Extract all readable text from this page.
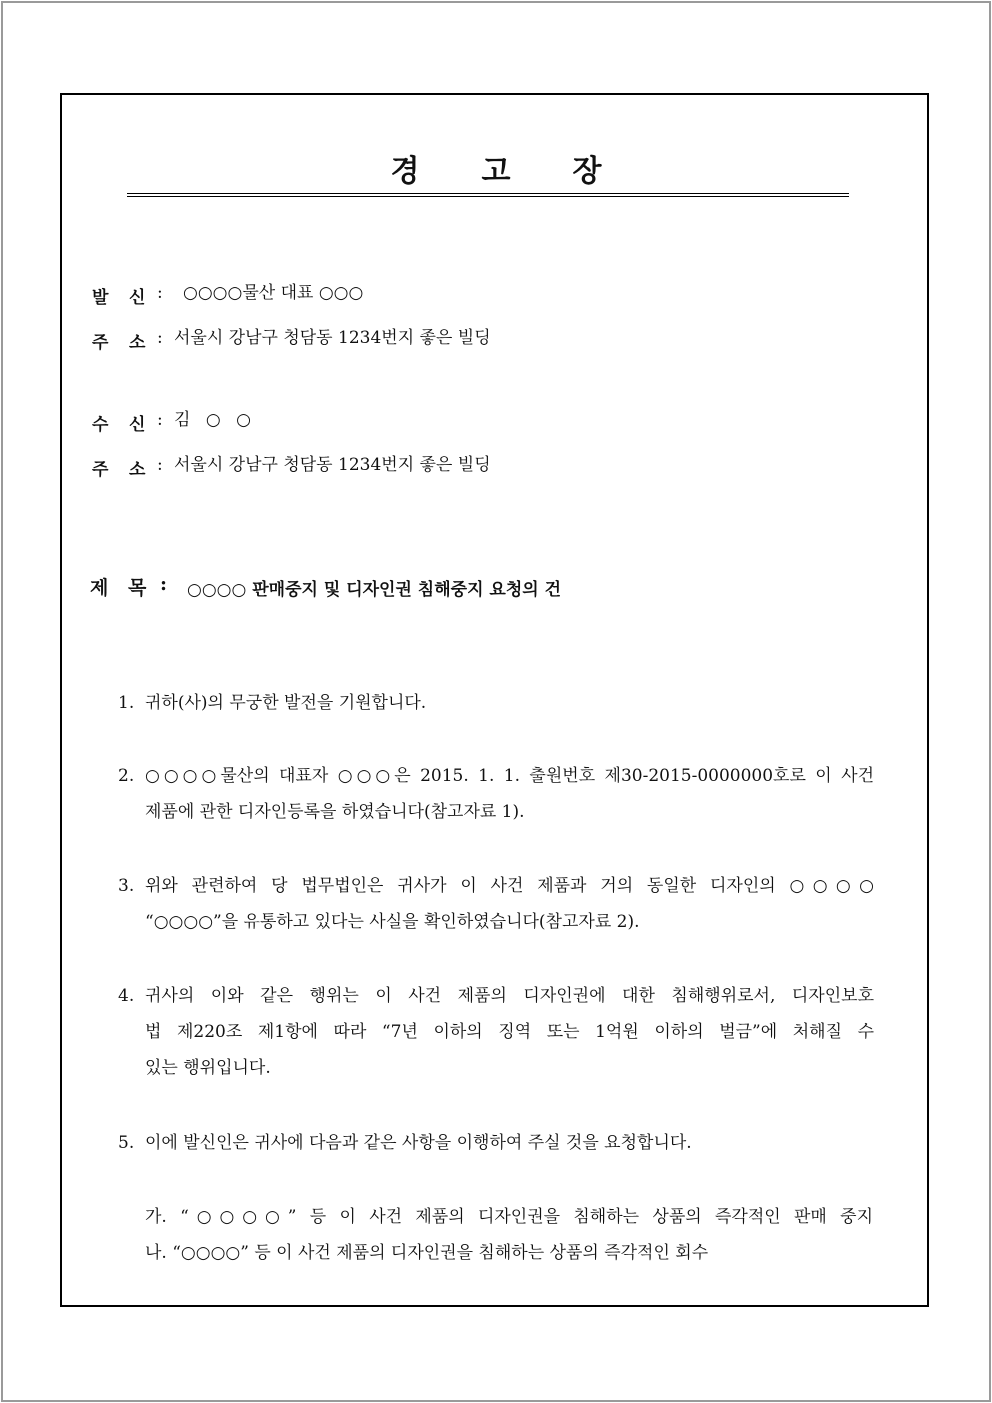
경 고 장
발 신 : ○○○○물산 대표 ○○○
주 소 : 서울시 강남구 청담동 1234번지 좋은 빌딩
수 신 : 김 ○ ○
주 소 : 서울시 강남구 청담동 1234번지 좋은 빌딩
제 목 : ○○○○ 판매중지 및 디자인권 침해중지 요청의 건
1. 귀하(사)의 무궁한 발전을 기원합니다.
2. ○○○○물산의 대표자 ○○○은 2015. 1. 1. 출원번호 제30-2015-0000000호로 이 사건
제품에 관한 디자인등록을 하였습니다(참고자료 1).
3. 위와 관련하여 당 법무법인은 귀사가 이 사건 제품과 거의 동일한 디자인의 ○○○○
“○○○○”을 유통하고 있다는 사실을 확인하였습니다(참고자료 2).
4. 귀사의 이와 같은 행위는 이 사건 제품의 디자인권에 대한 침해행위로서, 디자인보호
법 제220조 제1항에 따라 “7년 이하의 징역 또는 1억원 이하의 벌금”에 처해질 수
있는 행위입니다.
5. 이에 발신인은 귀사에 다음과 같은 사항을 이행하여 주실 것을 요청합니다.
가. “○○○○” 등 이 사건 제품의 디자인권을 침해하는 상품의 즉각적인 판매 중지
나. “○○○○” 등 이 사건 제품의 디자인권을 침해하는 상품의 즉각적인 회수
